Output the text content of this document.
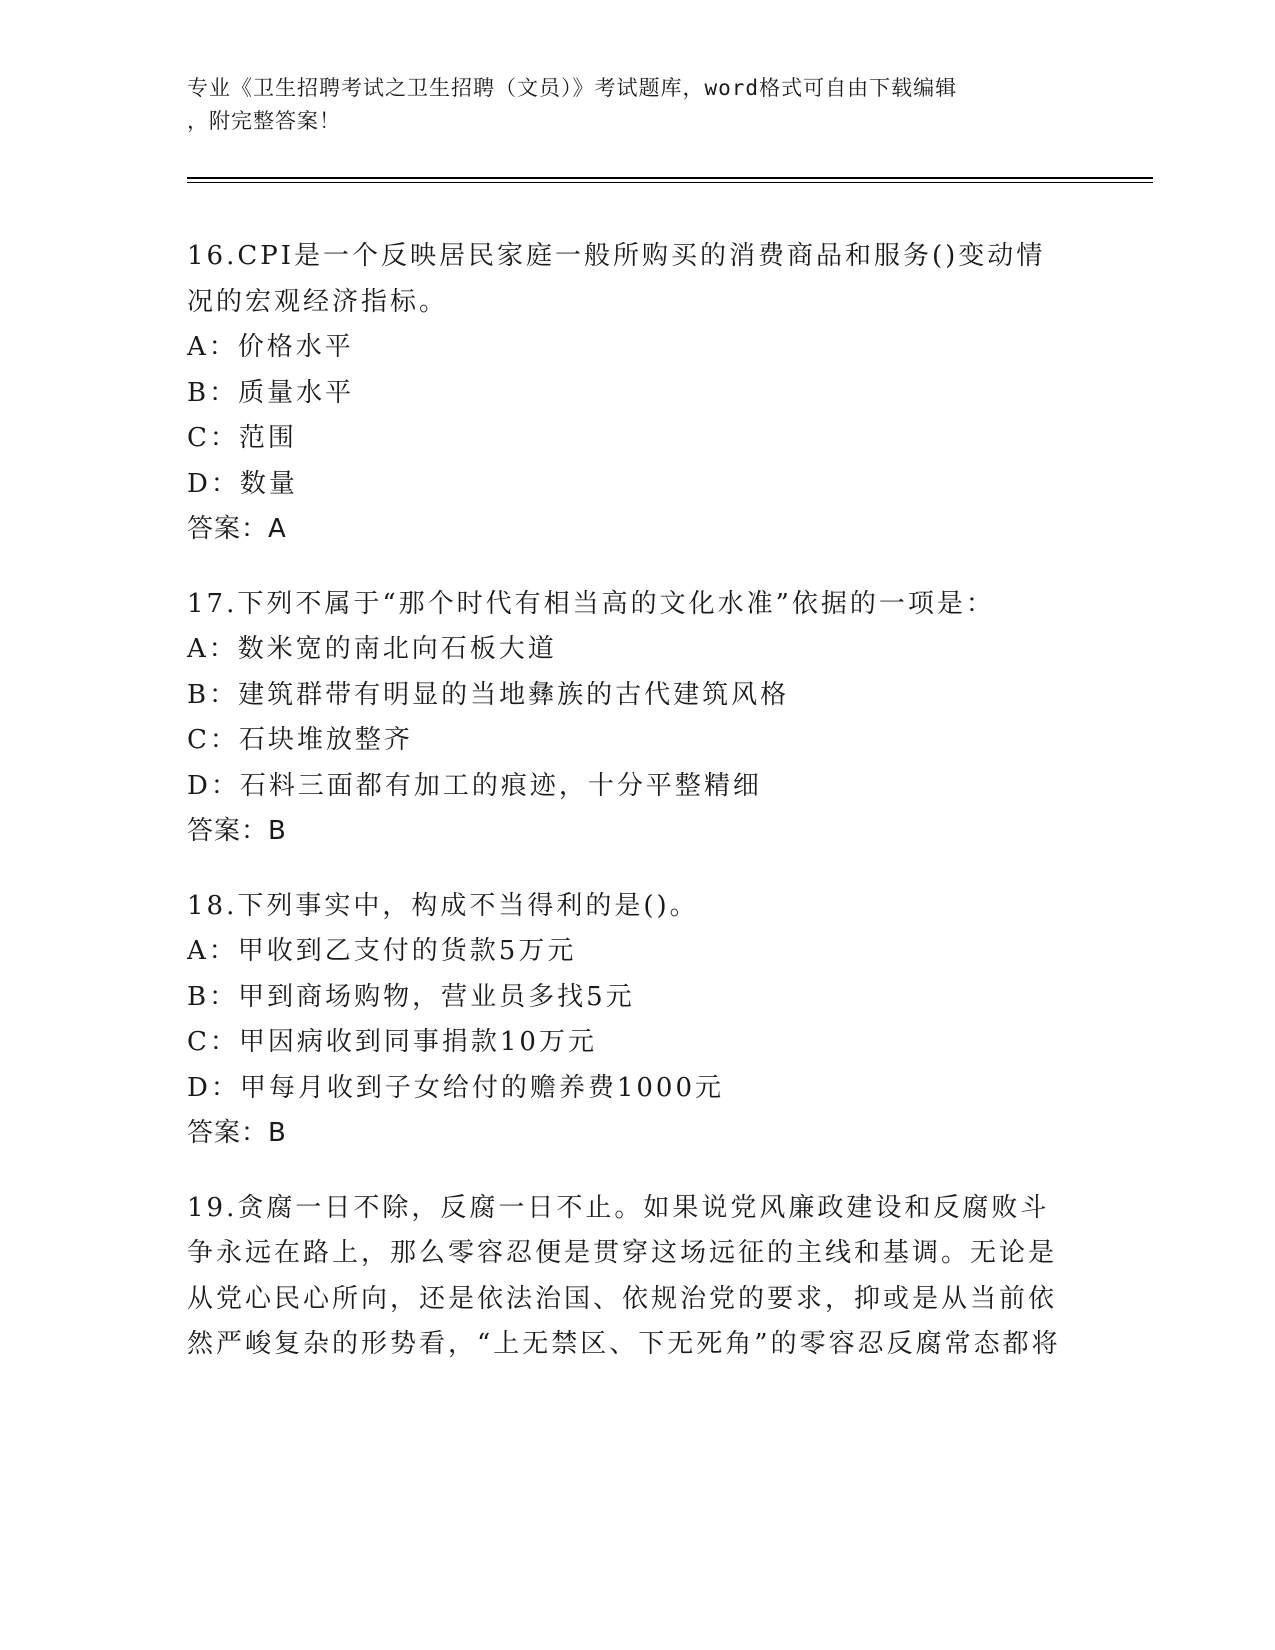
专业《卫生招聘考试之卫生招聘（文员）》考试题库，word格式可自由下载编辑
，附完整答案！
16.CPI是一个反映居民家庭一般所购买的消费商品和服务()变动情况的宏观经济指标。
A：价格水平
B：质量水平
C：范围
D：数量
答案：A
17.下列不属于“那个时代有相当高的文化水准”依据的一项是：
A：数米宽的南北向石板大道
B：建筑群带有明显的当地彝族的古代建筑风格
C：石块堆放整齐
D：石料三面都有加工的痕迹，十分平整精细
答案：B
18.下列事实中，构成不当得利的是()。
A：甲收到乙支付的货款5万元
B：甲到商场购物，营业员多找5元
C：甲因病收到同事捐款10万元
D：甲每月收到子女给付的赡养费1000元
答案：B
19.贪腐一日不除，反腐一日不止。如果说党风廉政建设和反腐败斗争永远在路上，那么零容忍便是贯穿这场远征的主线和基调。无论是从党心民心所向，还是依法治国、依规治党的要求，抑或是从当前依然严峻复杂的形势看，“上无禁区、下无死角”的零容忍反腐常态都将
